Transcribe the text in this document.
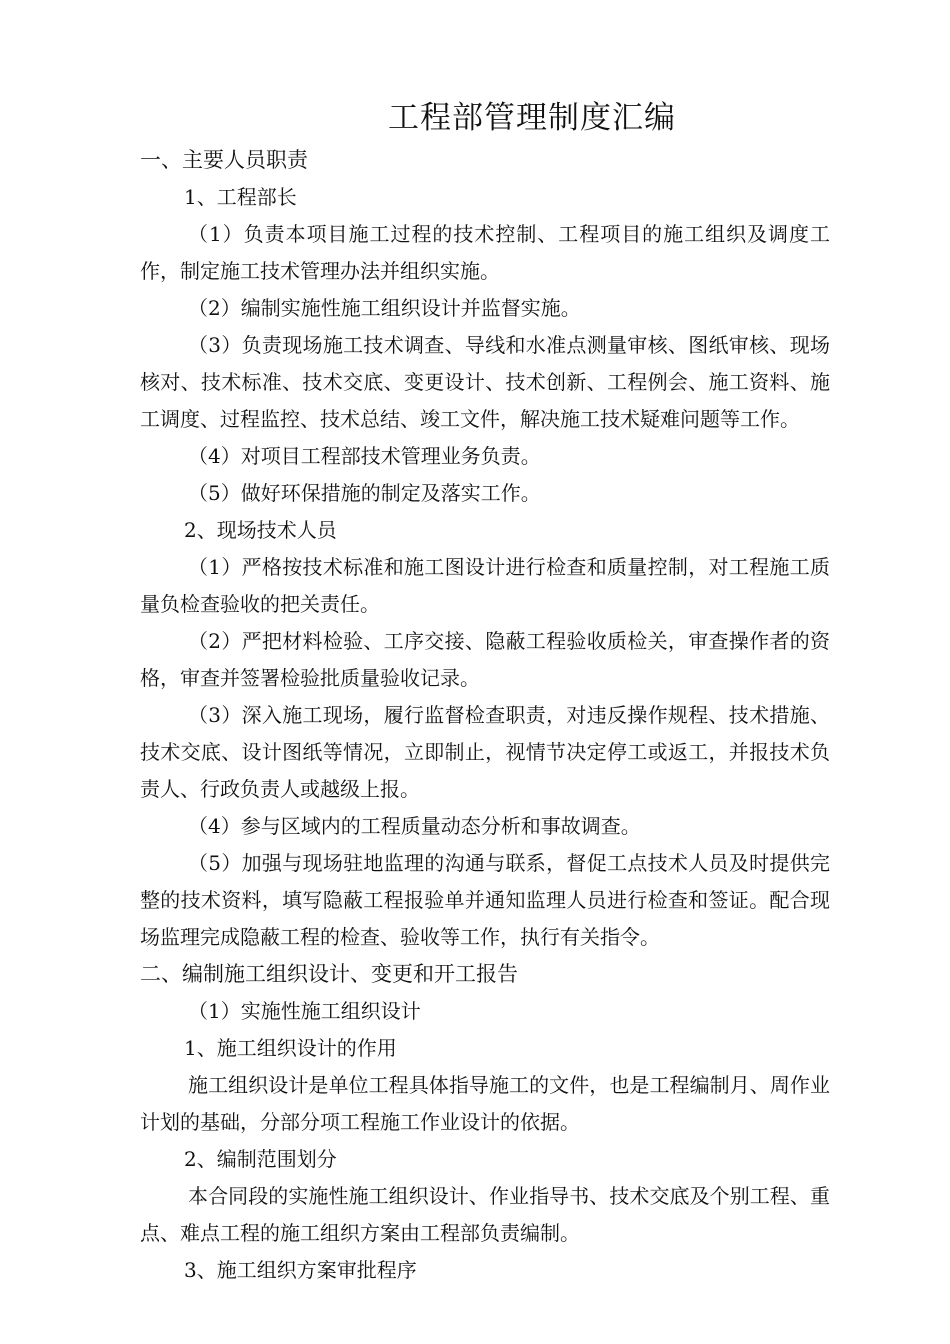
工程部管理制度汇编

一、主要人员职责

1、工程部长

（1）负责本项目施工过程的技术控制、工程项目的施工组织及调度工作，制定施工技术管理办法并组织实施。

（2）编制实施性施工组织设计并监督实施。

（3）负责现场施工技术调查、导线和水准点测量审核、图纸审核、现场核对、技术标准、技术交底、变更设计、技术创新、工程例会、施工资料、施工调度、过程监控、技术总结、竣工文件，解决施工技术疑难问题等工作。

（4）对项目工程部技术管理业务负责。

（5）做好环保措施的制定及落实工作。

2、现场技术人员

（1）严格按技术标准和施工图设计进行检查和质量控制，对工程施工质量负检查验收的把关责任。

（2）严把材料检验、工序交接、隐蔽工程验收质检关，审查操作者的资格，审查并签署检验批质量验收记录。

（3）深入施工现场，履行监督检查职责，对违反操作规程、技术措施、技术交底、设计图纸等情况，立即制止，视情节决定停工或返工，并报技术负责人、行政负责人或越级上报。

（4）参与区域内的工程质量动态分析和事故调查。

（5）加强与现场驻地监理的沟通与联系，督促工点技术人员及时提供完整的技术资料，填写隐蔽工程报验单并通知监理人员进行检查和签证。配合现场监理完成隐蔽工程的检查、验收等工作，执行有关指令。

二、编制施工组织设计、变更和开工报告

（1）实施性施工组织设计

1、施工组织设计的作用

施工组织设计是单位工程具体指导施工的文件，也是工程编制月、周作业计划的基础，分部分项工程施工作业设计的依据。

2、编制范围划分

本合同段的实施性施工组织设计、作业指导书、技术交底及个别工程、重点、难点工程的施工组织方案由工程部负责编制。

3、施工组织方案审批程序
